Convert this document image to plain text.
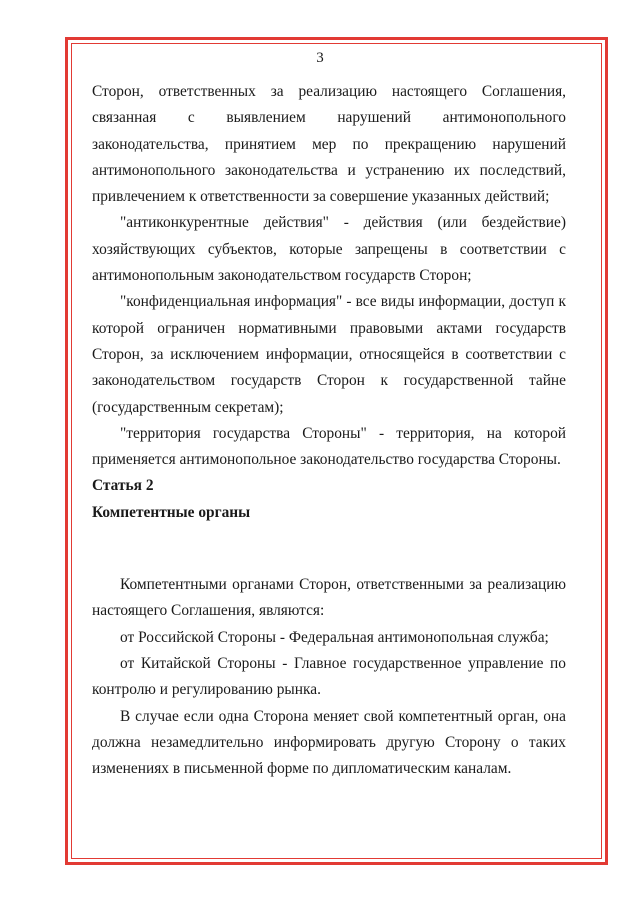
3

Сторон, ответственных за реализацию настоящего Соглашения, связанная с выявлением нарушений антимонопольного законодательства, принятием мер по прекращению нарушений антимонопольного законодательства и устранению их последствий, привлечением к ответственности за совершение указанных действий;

"антиконкурентные действия" - действия (или бездействие) хозяйствующих субъектов, которые запрещены в соответствии с антимонопольным законодательством государств Сторон;

"конфиденциальная информация" - все виды информации, доступ к которой ограничен нормативными правовыми актами государств Сторон, за исключением информации, относящейся в соответствии с законодательством государств Сторон к государственной тайне (государственным секретам);

"территория государства Стороны" - территория, на которой применяется антимонопольное законодательство государства Стороны.

Статья 2

Компетентные органы

Компетентными органами Сторон, ответственными за реализацию настоящего Соглашения, являются:

от Российской Стороны - Федеральная антимонопольная служба;

от Китайской Стороны - Главное государственное управление по контролю и регулированию рынка.

В случае если одна Сторона меняет свой компетентный орган, она должна незамедлительно информировать другую Сторону о таких изменениях в письменной форме по дипломатическим каналам.
